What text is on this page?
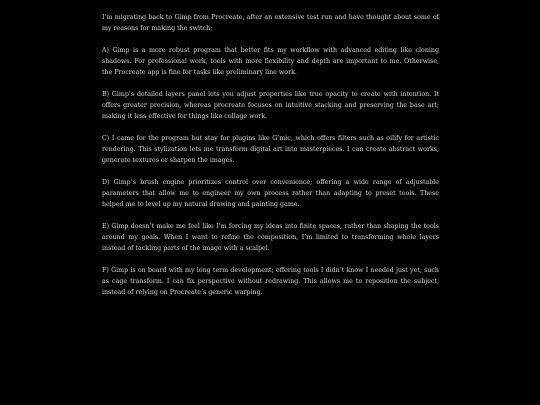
I’m migrating back to Gimp from Procreate, after an extensive test run and have thought about some of my reasons for making the switch:

A) Gimp is a more robust program that better fits my workflow with advanced editing like cloning shadows. For professional work, tools with more flexibility and depth are important to me. Otherwise, the Procreate app is fine for tasks like preliminary line work.

B) Gimp’s detailed layers panel lets you adjust properties like true opacity to create with intention. It offers greater precision, whereas procreate focuses on intuitive stacking and preserving the base art; making it less effective for things like collage work.

C) I came for the program but stay for plugins like G’mic, which offers filters such as oilify for artistic rendering. This stylization lets me transform digital art into masterpieces. I can create abstract works, generate textures or sharpen the images.

D) Gimp’s brush engine prioritizes control over convenience; offering a wide range of adjustable parameters that allow me to engineer my own process rather than adapting to preset tools. These helped me to level up my natural drawing and painting game.

E) Gimp doesn’t make me feel like I’m forcing my ideas into finite spaces, rather than shaping the tools around my goals. When I want to refine the composition, I’m limited to transforming whole layers instead of tackling parts of the image with a scalpel.

F) Gimp is on board with my long term development; offering tools I didn’t know I needed just yet, such as cage transform. I can fix perspective without redrawing. This allows me to reposition the subject, instead of relying on Procreate’s generic warping.
